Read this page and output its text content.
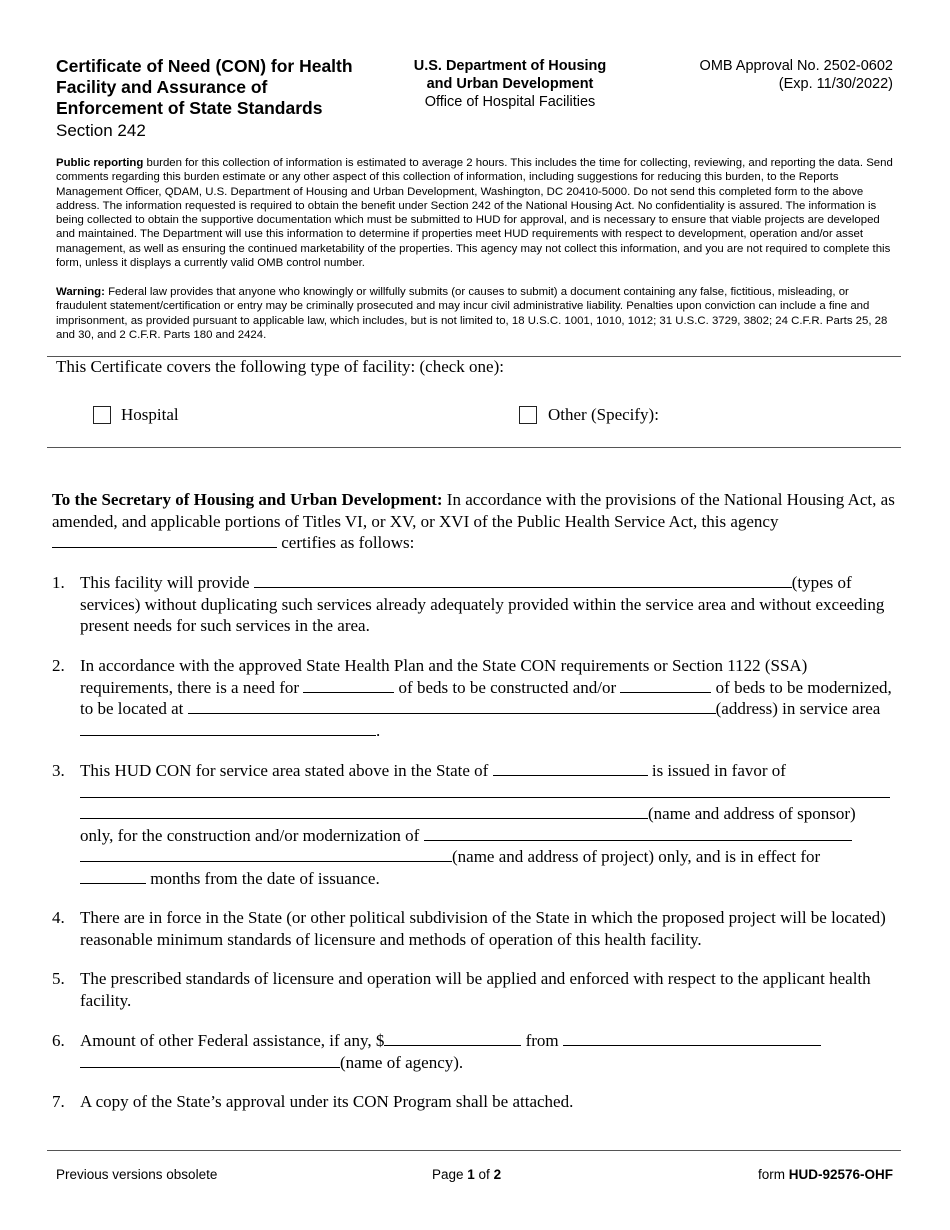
Certificate of Need (CON) for Health Facility and Assurance of Enforcement of State Standards
Section 242
U.S. Department of Housing
and Urban Development
Office of Hospital Facilities
OMB Approval No. 2502-0602
(Exp. 11/30/2022)
Public reporting burden for this collection of information is estimated to average 2 hours. This includes the time for collecting, reviewing, and reporting the data. Send comments regarding this burden estimate or any other aspect of this collection of information, including suggestions for reducing this burden, to the Reports Management Officer, QDAM, U.S. Department of Housing and Urban Development, Washington, DC 20410-5000. Do not send this completed form to the above address. The information requested is required to obtain the benefit under Section 242 of the National Housing Act. No confidentiality is assured. The information is being collected to obtain the supportive documentation which must be submitted to HUD for approval, and is necessary to ensure that viable projects are developed and maintained. The Department will use this information to determine if properties meet HUD requirements with respect to development, operation and/or asset management, as well as ensuring the continued marketability of the properties. This agency may not collect this information, and you are not required to complete this form, unless it displays a currently valid OMB control number.
Warning: Federal law provides that anyone who knowingly or willfully submits (or causes to submit) a document containing any false, fictitious, misleading, or fraudulent statement/certification or entry may be criminally prosecuted and may incur civil administrative liability. Penalties upon conviction can include a fine and imprisonment, as provided pursuant to applicable law, which includes, but is not limited to, 18 U.S.C. 1001, 1010, 1012; 31 U.S.C. 3729, 3802; 24 C.F.R. Parts 25, 28 and 30, and 2 C.F.R. Parts 180 and 2424.
This Certificate covers the following type of facility: (check one):
Hospital	Other (Specify):
To the Secretary of Housing and Urban Development: In accordance with the provisions of the National Housing Act, as amended, and applicable portions of Titles VI, or XV, or XVI of the Public Health Service Act, this agency  certifies as follows:
1. This facility will provide	(types of services) without duplicating such services already adequately provided within the service area and without exceeding present needs for such services in the area.
2. In accordance with the approved State Health Plan and the State CON requirements or Section 1122 (SSA) requirements, there is a need for	of beds to be constructed and/or	of beds to be modernized, to be located at	(address) in service area .
3. This HUD CON for service area stated above in the State of	is issued in favor of
(name and address of sponsor)
only, for the construction and/or modernization of
(name and address of project) only, and is in effect for
months from the date of issuance.
4. There are in force in the State (or other political subdivision of the State in which the proposed project will be located) reasonable minimum standards of licensure and methods of operation of this health facility.
5. The prescribed standards of licensure and operation will be applied and enforced with respect to the applicant health facility.
6. Amount of other Federal assistance, if any, $	from  (name of agency).
7. A copy of the State’s approval under its CON Program shall be attached.
Previous versions obsolete	Page 1 of 2	form HUD-92576-OHF
